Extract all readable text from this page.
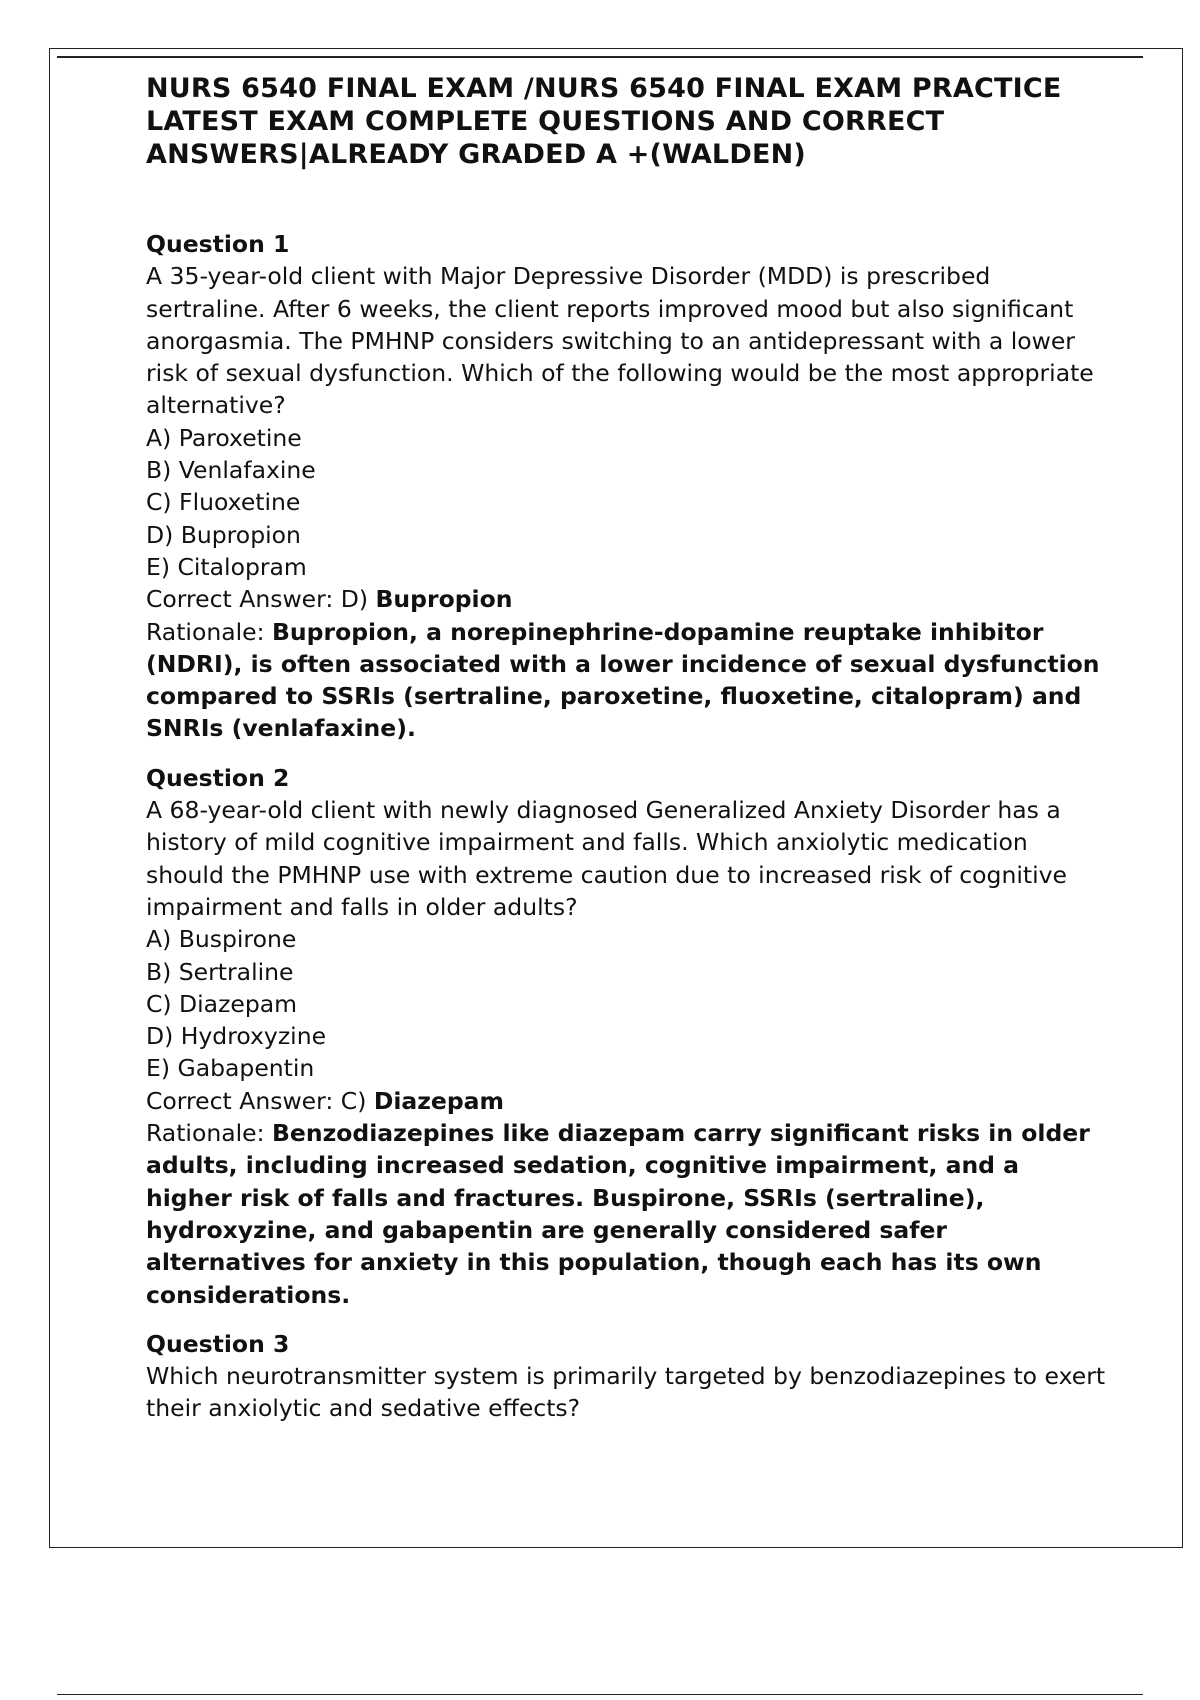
NURS 6540 FINAL EXAM /NURS 6540 FINAL EXAM PRACTICE LATEST EXAM COMPLETE QUESTIONS AND CORRECT ANSWERS|ALREADY GRADED A +(WALDEN)

Question 1

A 35-year-old client with Major Depressive Disorder (MDD) is prescribed sertraline. After 6 weeks, the client reports improved mood but also significant anorgasmia. The PMHNP considers switching to an antidepressant with a lower risk of sexual dysfunction. Which of the following would be the most appropriate alternative?

A) Paroxetine
B) Venlafaxine
C) Fluoxetine
D) Bupropion
E) Citalopram

Correct Answer: D) Bupropion

Rationale: Bupropion, a norepinephrine-dopamine reuptake inhibitor (NDRI), is often associated with a lower incidence of sexual dysfunction compared to SSRIs (sertraline, paroxetine, fluoxetine, citalopram) and SNRIs (venlafaxine).

Question 2

A 68-year-old client with newly diagnosed Generalized Anxiety Disorder has a history of mild cognitive impairment and falls. Which anxiolytic medication should the PMHNP use with extreme caution due to increased risk of cognitive impairment and falls in older adults?

A) Buspirone
B) Sertraline
C) Diazepam
D) Hydroxyzine
E) Gabapentin

Correct Answer: C) Diazepam

Rationale: Benzodiazepines like diazepam carry significant risks in older adults, including increased sedation, cognitive impairment, and a higher risk of falls and fractures. Buspirone, SSRIs (sertraline), hydroxyzine, and gabapentin are generally considered safer alternatives for anxiety in this population, though each has its own considerations.

Question 3

Which neurotransmitter system is primarily targeted by benzodiazepines to exert their anxiolytic and sedative effects?
